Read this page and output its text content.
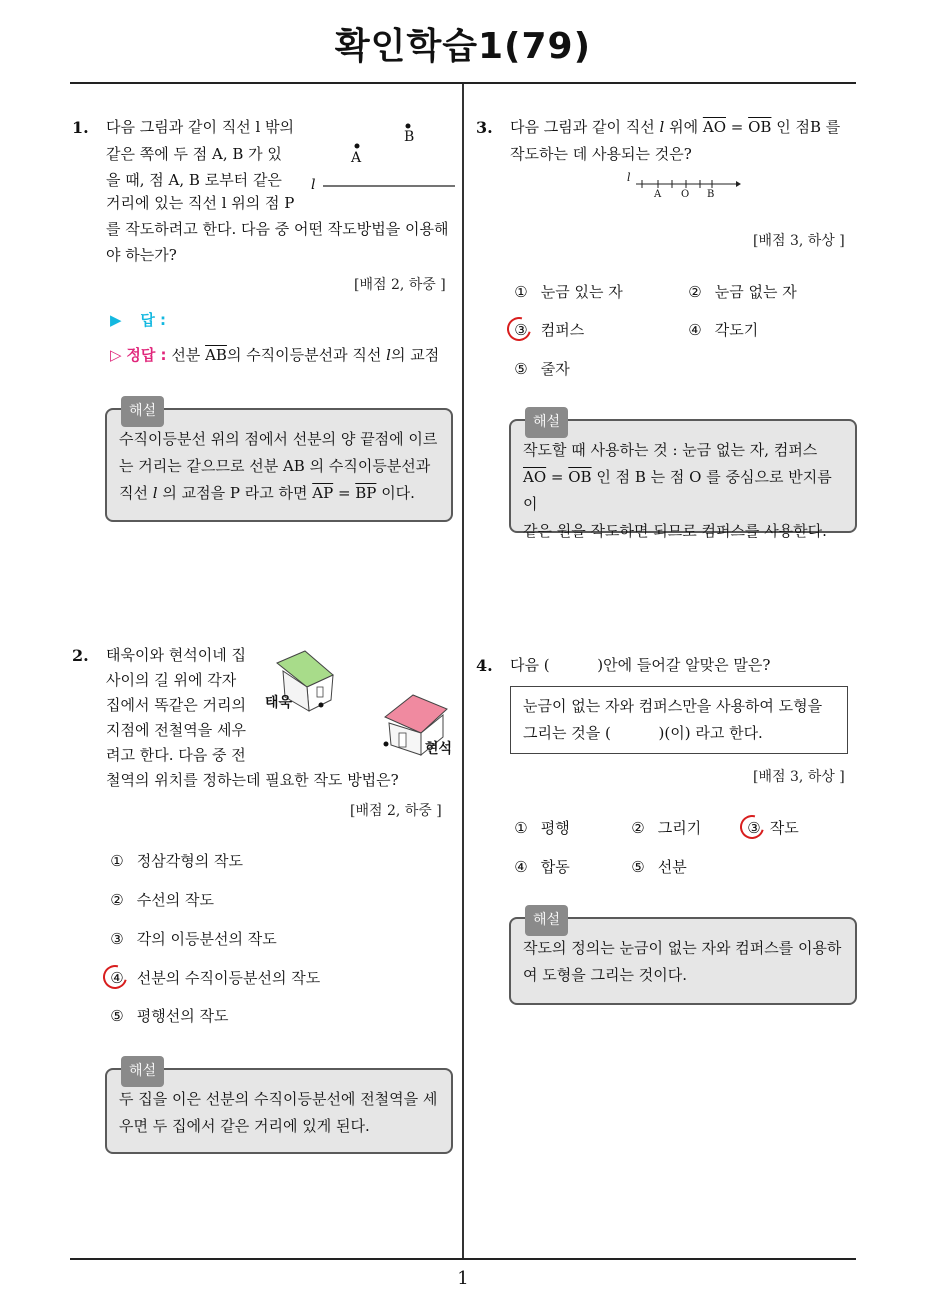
확인학습1(79)
1. 다음 그림과 같이 직선 l 밖의
같은 쪽에 두 점 A, B 가 있
을 때, 점 A, B 로부터 같은
거리에 있는 직선 l 위의 점 P
를 작도하려고 한다. 다음 중 어떤 작도방법을 이용해
야 하는가?
B
A
l
[배점 2, 하중 ]
▶ 답 :
▷ 정답 : 선분 $\overline{AB}$의 수직이등분선과 직선 l의 교점
해설
수직이등분선 위의 점에서 선분의 양 끝점에 이르
는 거리는 같으므로 선분 AB 의 수직이등분선과
직선 l 의 교점을 P 라고 하면 $\overline{AP} = \overline{BP}$ 이다.
2. 태욱이와 현석이네 집
사이의 길 위에 각자
집에서 똑같은 거리의
지점에 전철역을 세우
려고 한다. 다음 중 전
철역의 위치를 정하는데 필요한 작도 방법은?
태욱
현석
[배점 2, 하중 ]
① 정삼각형의 작도
② 수선의 작도
③ 각의 이등분선의 작도
④ 선분의 수직이등분선의 작도
⑤ 평행선의 작도
해설
두 집을 이은 선분의 수직이등분선에 전철역을 세
우면 두 집에서 같은 거리에 있게 된다.
3. 다음 그림과 같이 직선 l 위에 $\overline{AO} = \overline{OB}$ 인 점B 를
작도하는 데 사용되는 것은?
l
A O B
[배점 3, 하상 ]
① 눈금 있는 자	② 눈금 없는 자
③ 컴퍼스	④ 각도기
⑤ 줄자
해설
작도할 때 사용하는 것 : 눈금 없는 자, 컴퍼스
$\overline{AO} = \overline{OB}$ 인 점 B 는 점 O 를 중심으로 반지름이
같은 원을 작도하면 되므로 컴퍼스를 사용한다.
4. 다음 (          )안에 들어갈 알맞은 말은?
눈금이 없는 자와 컴퍼스만을 사용하여 도형을
그리는 것을 (          )(이) 라고 한다.
[배점 3, 하상 ]
① 평행	② 그리기	③ 작도
④ 합동	⑤ 선분
해설
작도의 정의는 눈금이 없는 자와 컴퍼스를 이용하
여 도형을 그리는 것이다.
1
